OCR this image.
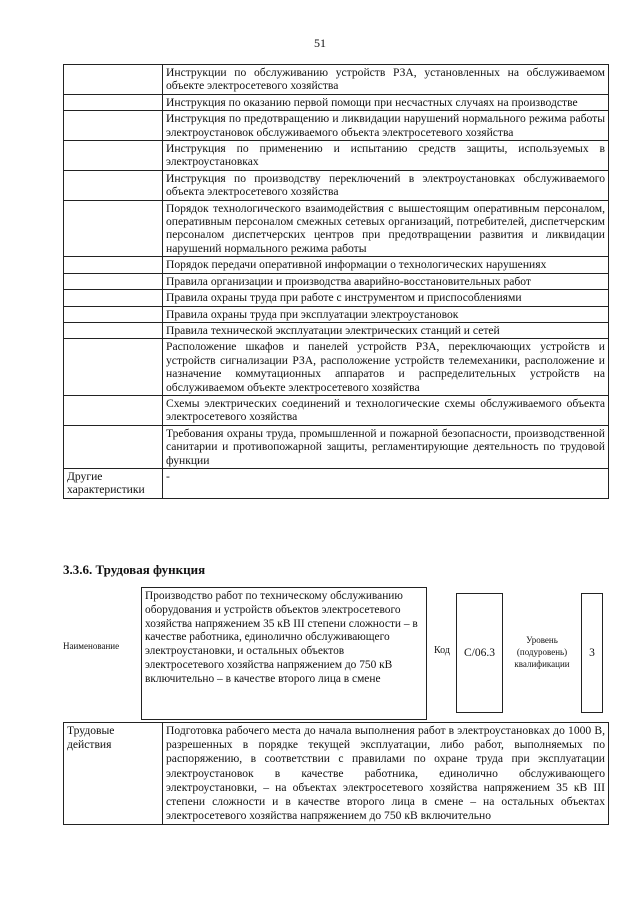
51
	Инструкции по обслуживанию устройств РЗА, установленных на обслуживаемом объекте электросетевого хозяйства
	Инструкция по оказанию первой помощи при несчастных случаях на производстве
	Инструкция по предотвращению и ликвидации нарушений нормального режима работы электроустановок обслуживаемого объекта электросетевого хозяйства
	Инструкция по применению и испытанию средств защиты, используемых в электроустановках
	Инструкция по производству переключений в электроустановках обслуживаемого объекта электросетевого хозяйства
	Порядок технологического взаимодействия с вышестоящим оперативным персоналом, оперативным персоналом смежных сетевых организаций, потребителей, диспетчерским персоналом диспетчерских центров при предотвращении развития и ликвидации нарушений нормального режима работы
	Порядок передачи оперативной информации о технологических нарушениях
	Правила организации и производства аварийно-восстановительных работ
	Правила охраны труда при работе с инструментом и приспособлениями
	Правила охраны труда при эксплуатации электроустановок
	Правила технической эксплуатации электрических станций и сетей
	Расположение шкафов и панелей устройств РЗА, переключающих устройств и устройств сигнализации РЗА, расположение устройств телемеханики, расположение и назначение коммутационных аппаратов и распределительных устройств на обслуживаемом объекте электросетевого хозяйства
	Схемы электрических соединений и технологические схемы обслуживаемого объекта электросетевого хозяйства
	Требования охраны труда, промышленной и пожарной безопасности, производственной санитарии и противопожарной защиты, регламентирующие деятельность по трудовой функции
Другие характеристики	-
3.3.6. Трудовая функция
Наименование
Производство работ по техническому обслуживанию оборудования и устройств объектов электросетевого хозяйства напряжением 35 кВ III степени сложности – в качестве работника, единолично обслуживающего электроустановки, и остальных объектов электросетевого хозяйства напряжением до 750 кВ включительно – в качестве второго лица в смене
Код	C/06.3
Уровень (подуровень) квалификации
3
Трудовые действия	Подготовка рабочего места до начала выполнения работ в электроустановках до 1000 В, разрешенных в порядке текущей эксплуатации, либо работ, выполняемых по распоряжению, в соответствии с правилами по охране труда при эксплуатации электроустановок в качестве работника, единолично обслуживающего электроустановки, – на объектах электросетевого хозяйства напряжением 35 кВ III степени сложности и в качестве второго лица в смене – на остальных объектах электросетевого хозяйства напряжением до 750 кВ включительно
